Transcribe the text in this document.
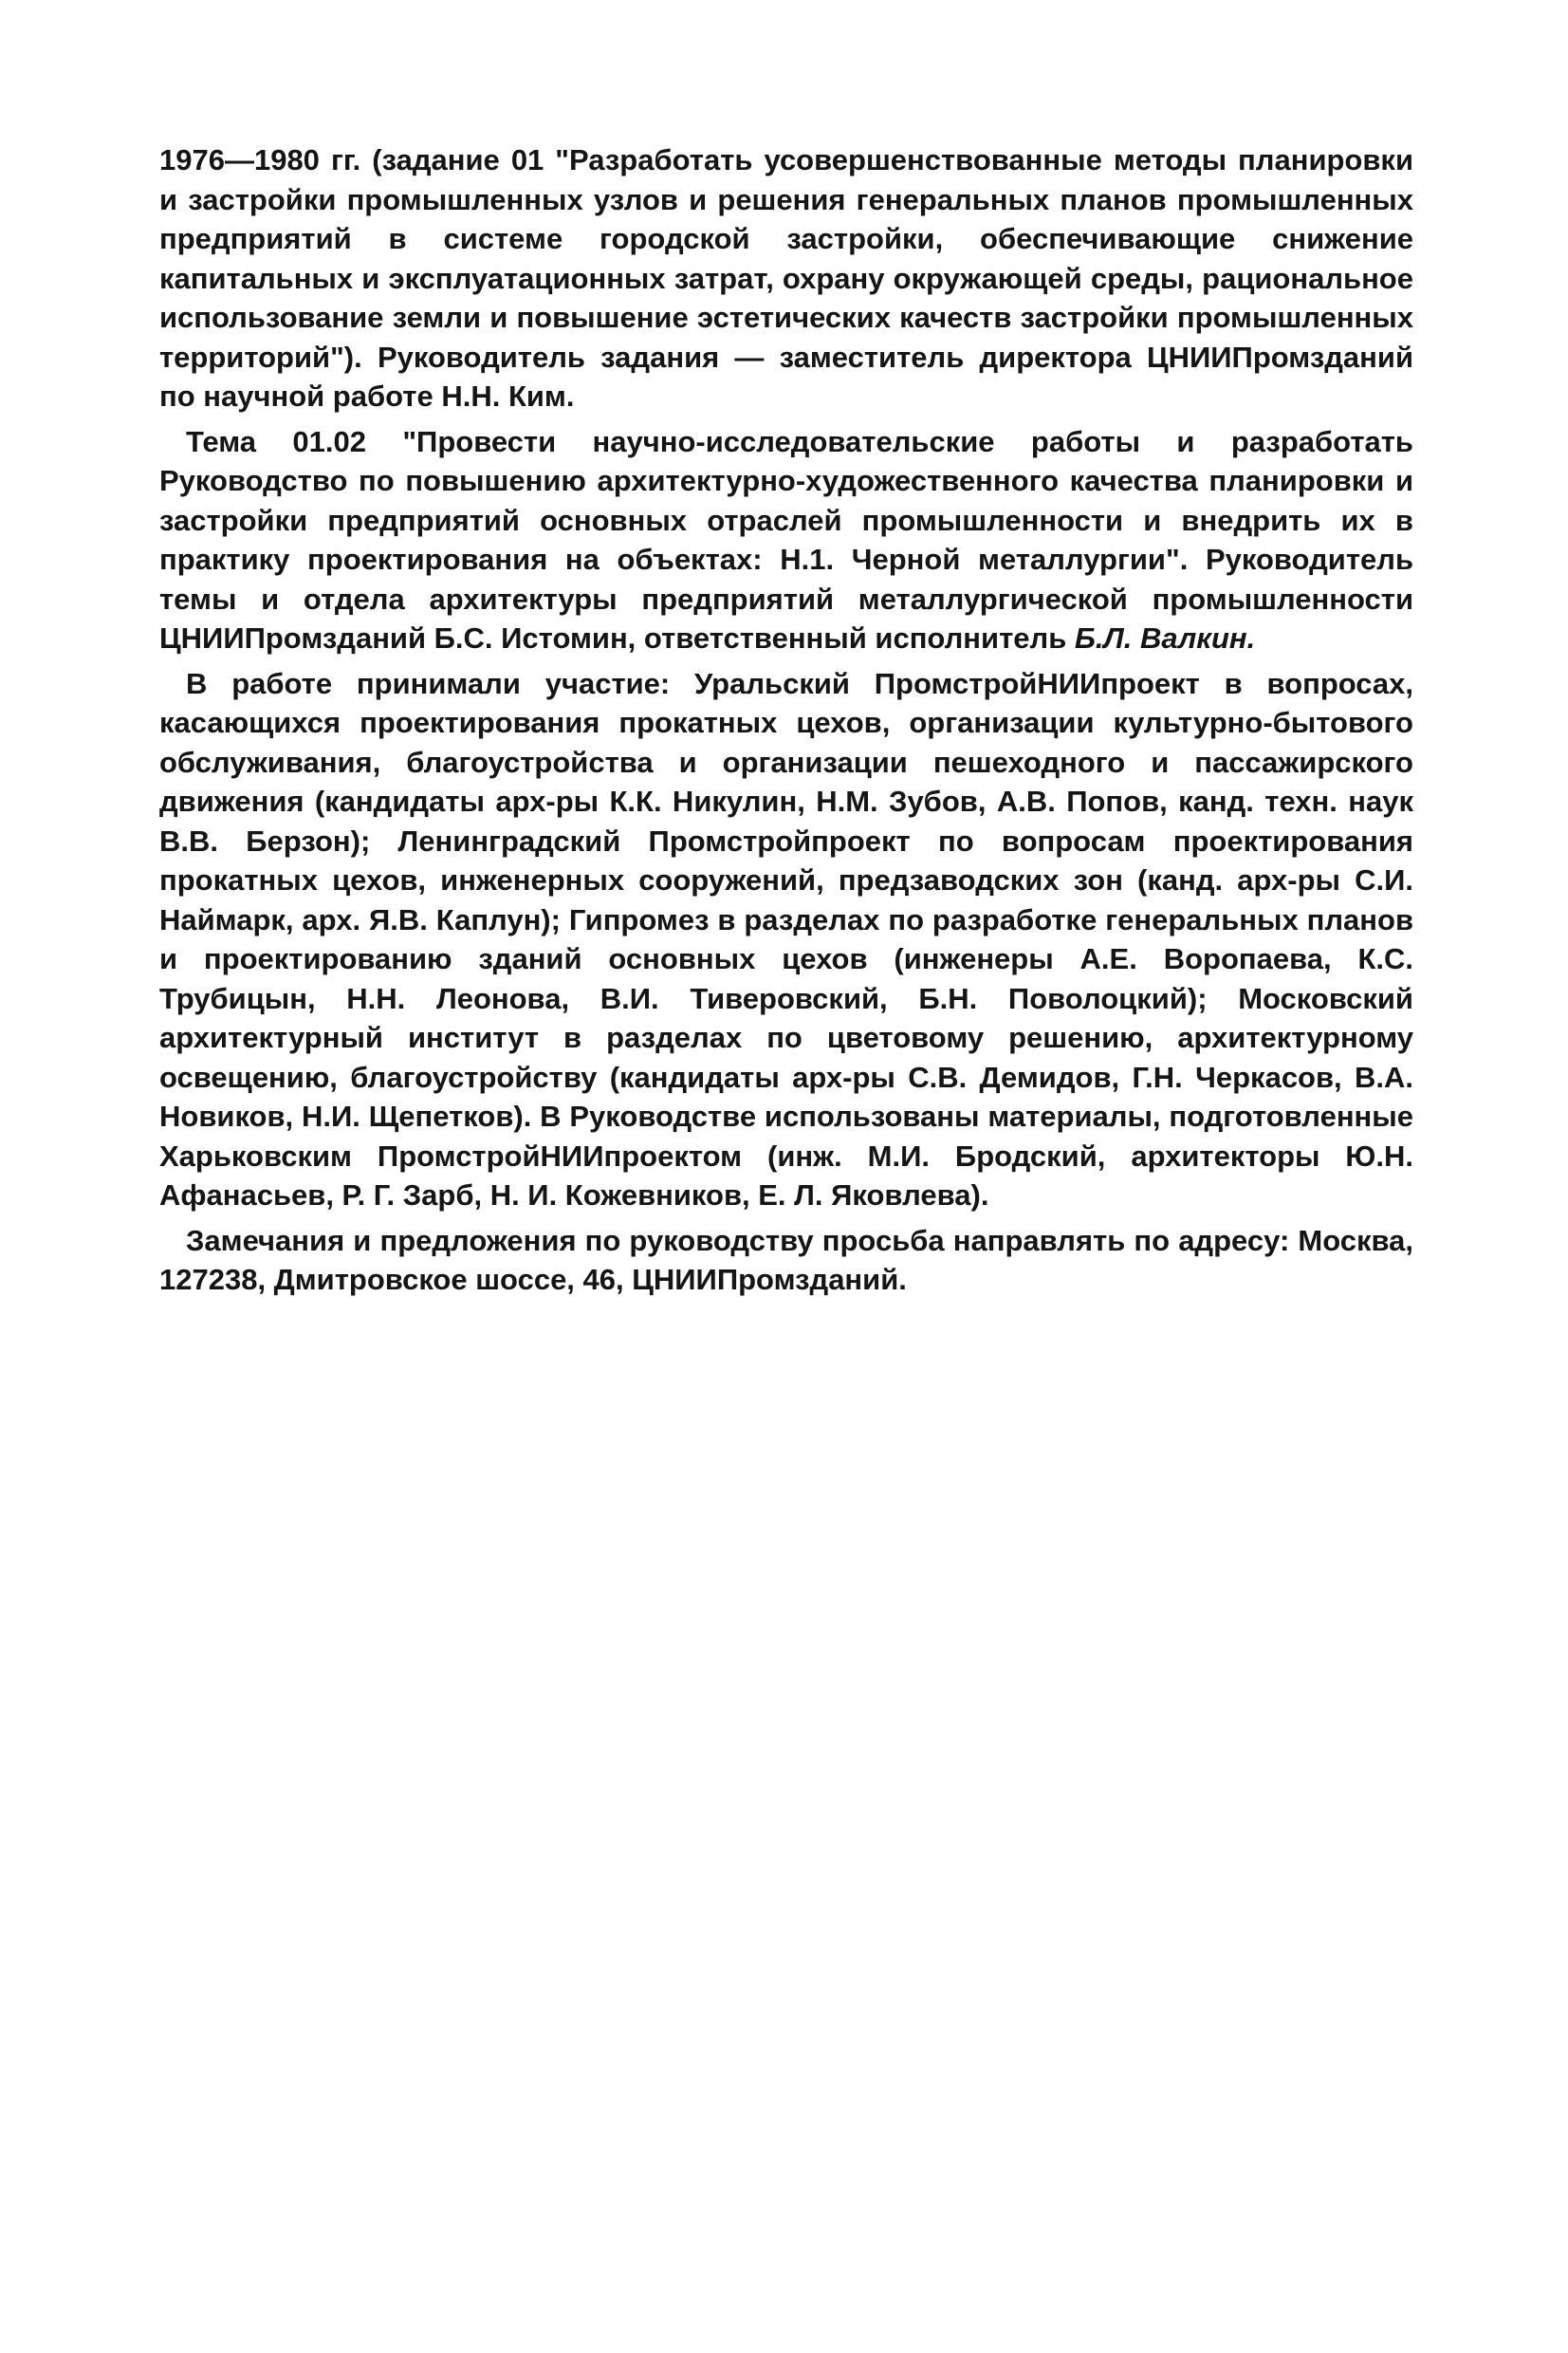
1976—1980 гг. (задание 01 "Разработать усовершенствованные методы планировки и застройки промышленных узлов и решения генеральных планов промышленных предприятий в системе городской застройки, обеспечивающие снижение капитальных и эксплуатационных затрат, охрану окружающей среды, рациональное использование земли и повышение эстетических качеств застройки промышленных территорий"). Руководитель задания — заместитель директора ЦНИИПромзданий по научной работе Н.Н. Ким.

Тема 01.02 "Провести научно-исследовательские работы и разработать Руководство по повышению архитектурно-художественного качества планировки и застройки предприятий основных отраслей промышленности и внедрить их в практику проектирования на объектах: Н.1. Черной металлургии". Руководитель темы и отдела архитектуры предприятий металлургической промышленности ЦНИИПромзданий Б.С. Истомин, ответственный исполнитель Б.Л. Валкин.

В работе принимали участие: Уральский ПромстройНИИпроект в вопросах, касающихся проектирования прокатных цехов, организации культурно-бытового обслуживания, благоустройства и организации пешеходного и пассажирского движения (кандидаты арх-ры К.К. Никулин, Н.М. Зубов, А.В. Попов, канд. техн. наук В.В. Берзон); Ленинградский Промстройпроект по вопросам проектирования прокатных цехов, инженерных сооружений, предзаводских зон (канд. арх-ры С.И. Наймарк, арх. Я.В. Каплун); Гипромез в разделах по разработке генеральных планов и проектированию зданий основных цехов (инженеры А.Е. Воропаева, К.С. Трубицын, Н.Н. Леонова, В.И. Тиверовский, Б.Н. Поволоцкий); Московский архитектурный институт в разделах по цветовому решению, архитектурному освещению, благоустройству (кандидаты арх-ры С.В. Демидов, Г.Н. Черкасов, В.А. Новиков, Н.И. Щепетков). В Руководстве использованы материалы, подготовленные Харьковским ПромстройНИИпроектом (инж. М.И. Бродский, архитекторы Ю.Н. Афанасьев, Р. Г. Зарб, Н. И. Кожевников, Е. Л. Яковлева).

Замечания и предложения по руководству просьба направлять по адресу: Москва, 127238, Дмитровское шоссе, 46, ЦНИИПромзданий.
